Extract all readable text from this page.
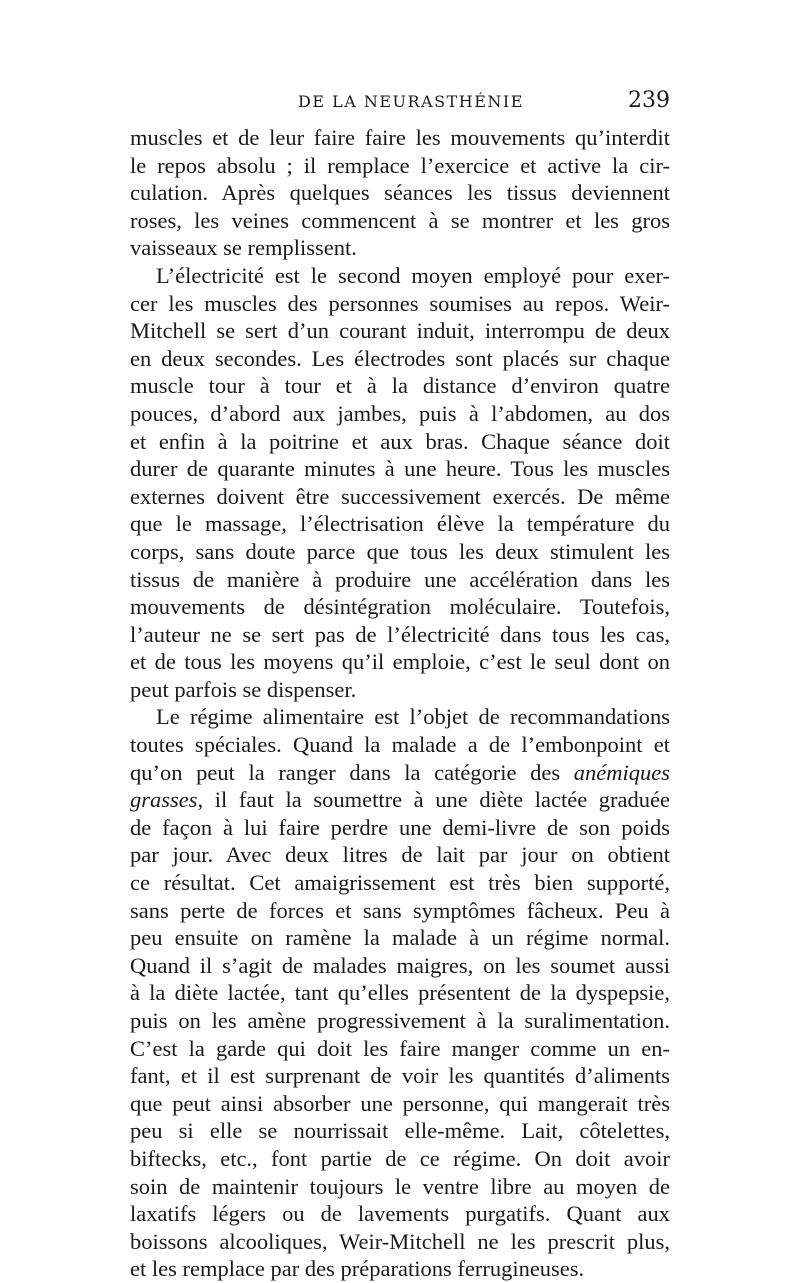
DE LA NEURASTHÉNIE	239
muscles et de leur faire faire les mouvements qu’interdit
le repos absolu ; il remplace l’exercice et active la cir-
culation. Après quelques séances les tissus deviennent
roses, les veines commencent à se montrer et les gros
vaisseaux se remplissent.
L’électricité est le second moyen employé pour exer-
cer les muscles des personnes soumises au repos. Weir-
Mitchell se sert d’un courant induit, interrompu de deux
en deux secondes. Les électrodes sont placés sur chaque
muscle tour à tour et à la distance d’environ quatre
pouces, d’abord aux jambes, puis à l’abdomen, au dos
et enfin à la poitrine et aux bras. Chaque séance doit
durer de quarante minutes à une heure. Tous les muscles
externes doivent être successivement exercés. De même
que le massage, l’électrisation élève la température du
corps, sans doute parce que tous les deux stimulent les
tissus de manière à produire une accélération dans les
mouvements de désintégration moléculaire. Toutefois,
l’auteur ne se sert pas de l’électricité dans tous les cas,
et de tous les moyens qu’il emploie, c’est le seul dont on
peut parfois se dispenser.
Le régime alimentaire est l’objet de recommandations
toutes spéciales. Quand la malade a de l’embonpoint et
qu’on peut la ranger dans la catégorie des anémiques
grasses, il faut la soumettre à une diète lactée graduée
de façon à lui faire perdre une demi-livre de son poids
par jour. Avec deux litres de lait par jour on obtient
ce résultat. Cet amaigrissement est très bien supporté,
sans perte de forces et sans symptômes fâcheux. Peu à
peu ensuite on ramène la malade à un régime normal.
Quand il s’agit de malades maigres, on les soumet aussi
à la diète lactée, tant qu’elles présentent de la dyspepsie,
puis on les amène progressivement à la suralimentation.
C’est la garde qui doit les faire manger comme un en-
fant, et il est surprenant de voir les quantités d’aliments
que peut ainsi absorber une personne, qui mangerait très
peu si elle se nourrissait elle-même. Lait, côtelettes,
biftecks, etc., font partie de ce régime. On doit avoir
soin de maintenir toujours le ventre libre au moyen de
laxatifs légers ou de lavements purgatifs. Quant aux
boissons alcooliques, Weir-Mitchell ne les prescrit plus,
et les remplace par des préparations ferrugineuses.
